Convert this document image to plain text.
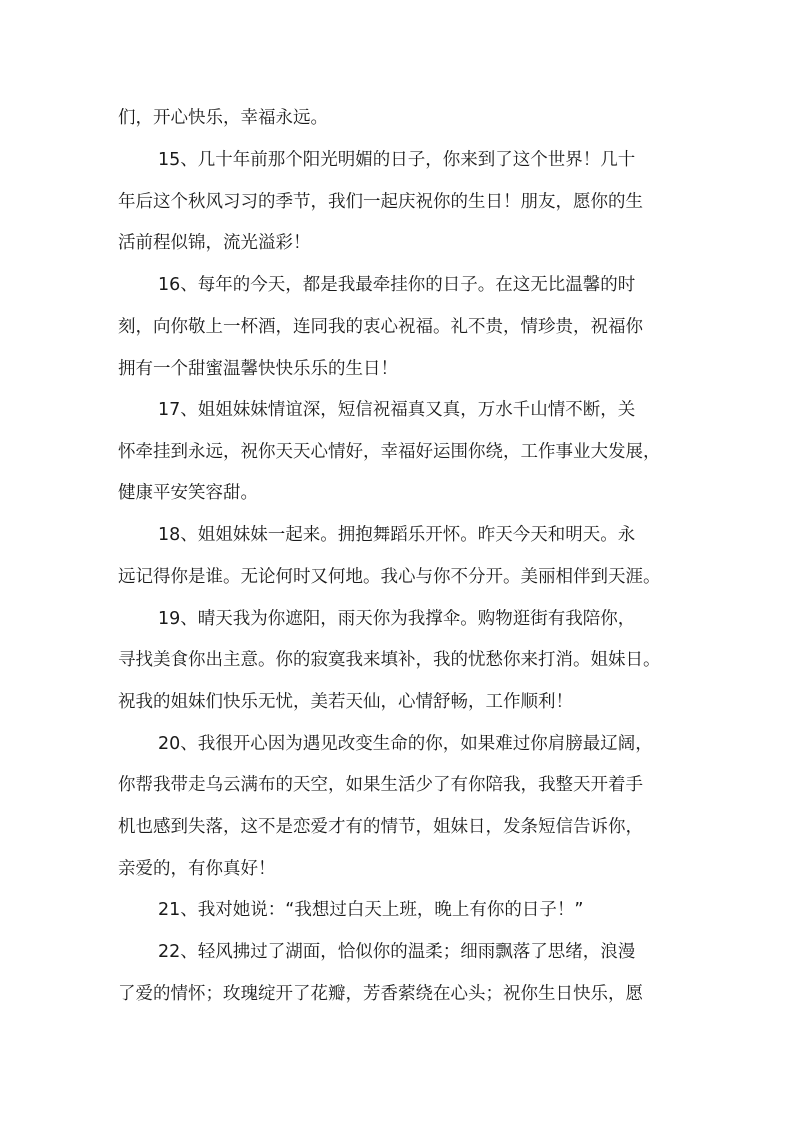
们，开心快乐，幸福永远。
15、几十年前那个阳光明媚的日子，你来到了这个世界！几十
年后这个秋风习习的季节，我们一起庆祝你的生日！朋友，愿你的生
活前程似锦，流光溢彩！
16、每年的今天，都是我最牵挂你的日子。在这无比温馨的时
刻，向你敬上一杯酒，连同我的衷心祝福。礼不贵，情珍贵，祝福你
拥有一个甜蜜温馨快快乐乐的生日！
17、姐姐妹妹情谊深，短信祝福真又真，万水千山情不断，关
怀牵挂到永远，祝你天天心情好，幸福好运围你绕，工作事业大发展，
健康平安笑容甜。
18、姐姐妹妹一起来。拥抱舞蹈乐开怀。昨天今天和明天。永
远记得你是谁。无论何时又何地。我心与你不分开。美丽相伴到天涯。
19、晴天我为你遮阳，雨天你为我撑伞。购物逛街有我陪你，
寻找美食你出主意。你的寂寞我来填补，我的忧愁你来打消。姐妹日。
祝我的姐妹们快乐无忧，美若天仙，心情舒畅，工作顺利！
20、我很开心因为遇见改变生命的你，如果难过你肩膀最辽阔，
你帮我带走乌云满布的天空，如果生活少了有你陪我，我整天开着手
机也感到失落，这不是恋爱才有的情节，姐妹日，发条短信告诉你，
亲爱的，有你真好！
21、我对她说：“我想过白天上班，晚上有你的日子！”
22、轻风拂过了湖面，恰似你的温柔；细雨飘落了思绪，浪漫
了爱的情怀；玫瑰绽开了花瓣，芳香萦绕在心头；祝你生日快乐，愿
